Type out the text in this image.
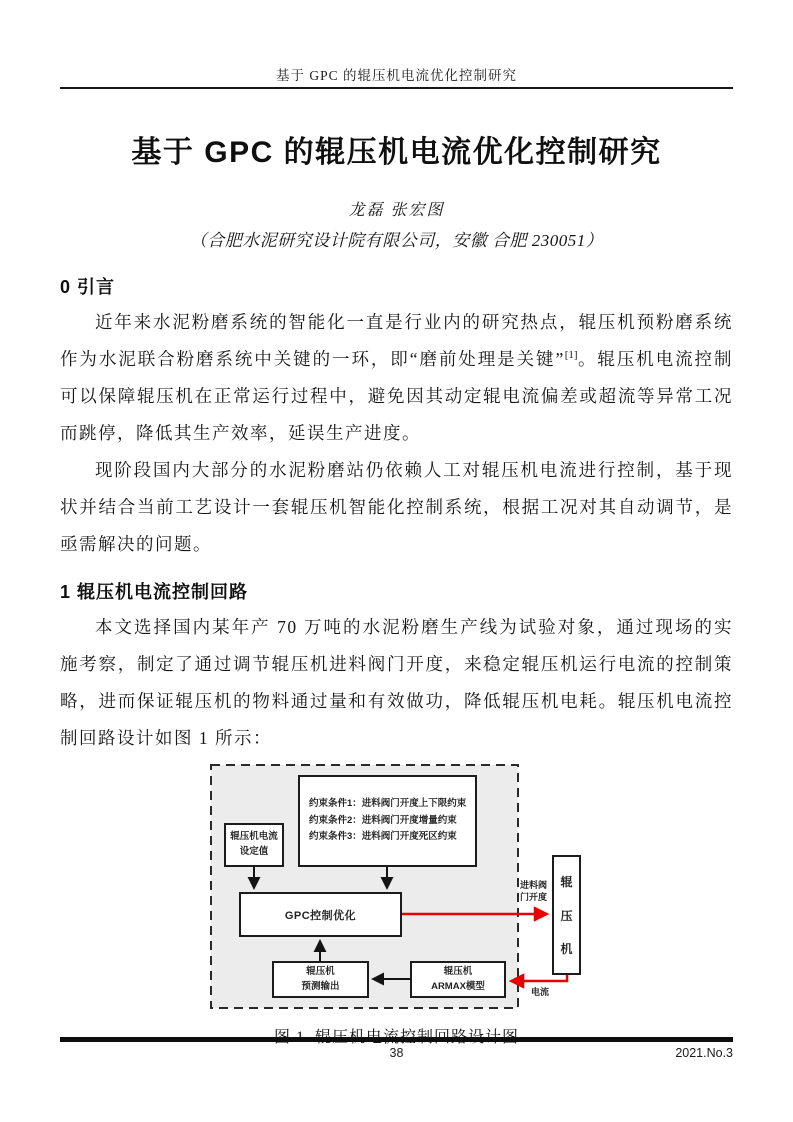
基于 GPC 的辊压机电流优化控制研究
基于 GPC 的辊压机电流优化控制研究
龙磊 张宏图
（合肥水泥研究设计院有限公司，安徽 合肥 230051）
0 引言

近年来水泥粉磨系统的智能化一直是行业内的研究热点，辊压机预粉磨系统作为水泥联合粉磨系统中关键的一环，即“磨前处理是关键”[1]。辊压机电流控制可以保障辊压机在正常运行过程中，避免因其动定辊电流偏差或超流等异常工况而跳停，降低其生产效率，延误生产进度。

现阶段国内大部分的水泥粉磨站仍依赖人工对辊压机电流进行控制，基于现状并结合当前工艺设计一套辊压机智能化控制系统，根据工况对其自动调节，是亟需解决的问题。

1 辊压机电流控制回路

本文选择国内某年产 70 万吨的水泥粉磨生产线为试验对象，通过现场的实施考察，制定了通过调节辊压机进料阀门开度，来稳定辊压机运行电流的控制策略，进而保证辊压机的物料通过量和有效做功，降低辊压机电耗。辊压机电流控制回路设计如图 1 所示：

辊压机电流
设定值
约束条件1：进料阀门开度上下限约束
约束条件2：进料阀门开度增量约束
约束条件3：进料阀门开度死区约束
GPC控制优化
辊压机
预测输出
辊压机
ARMAX模型
辊
压
机
进料阀
门开度
电流
38	2021.No.3
